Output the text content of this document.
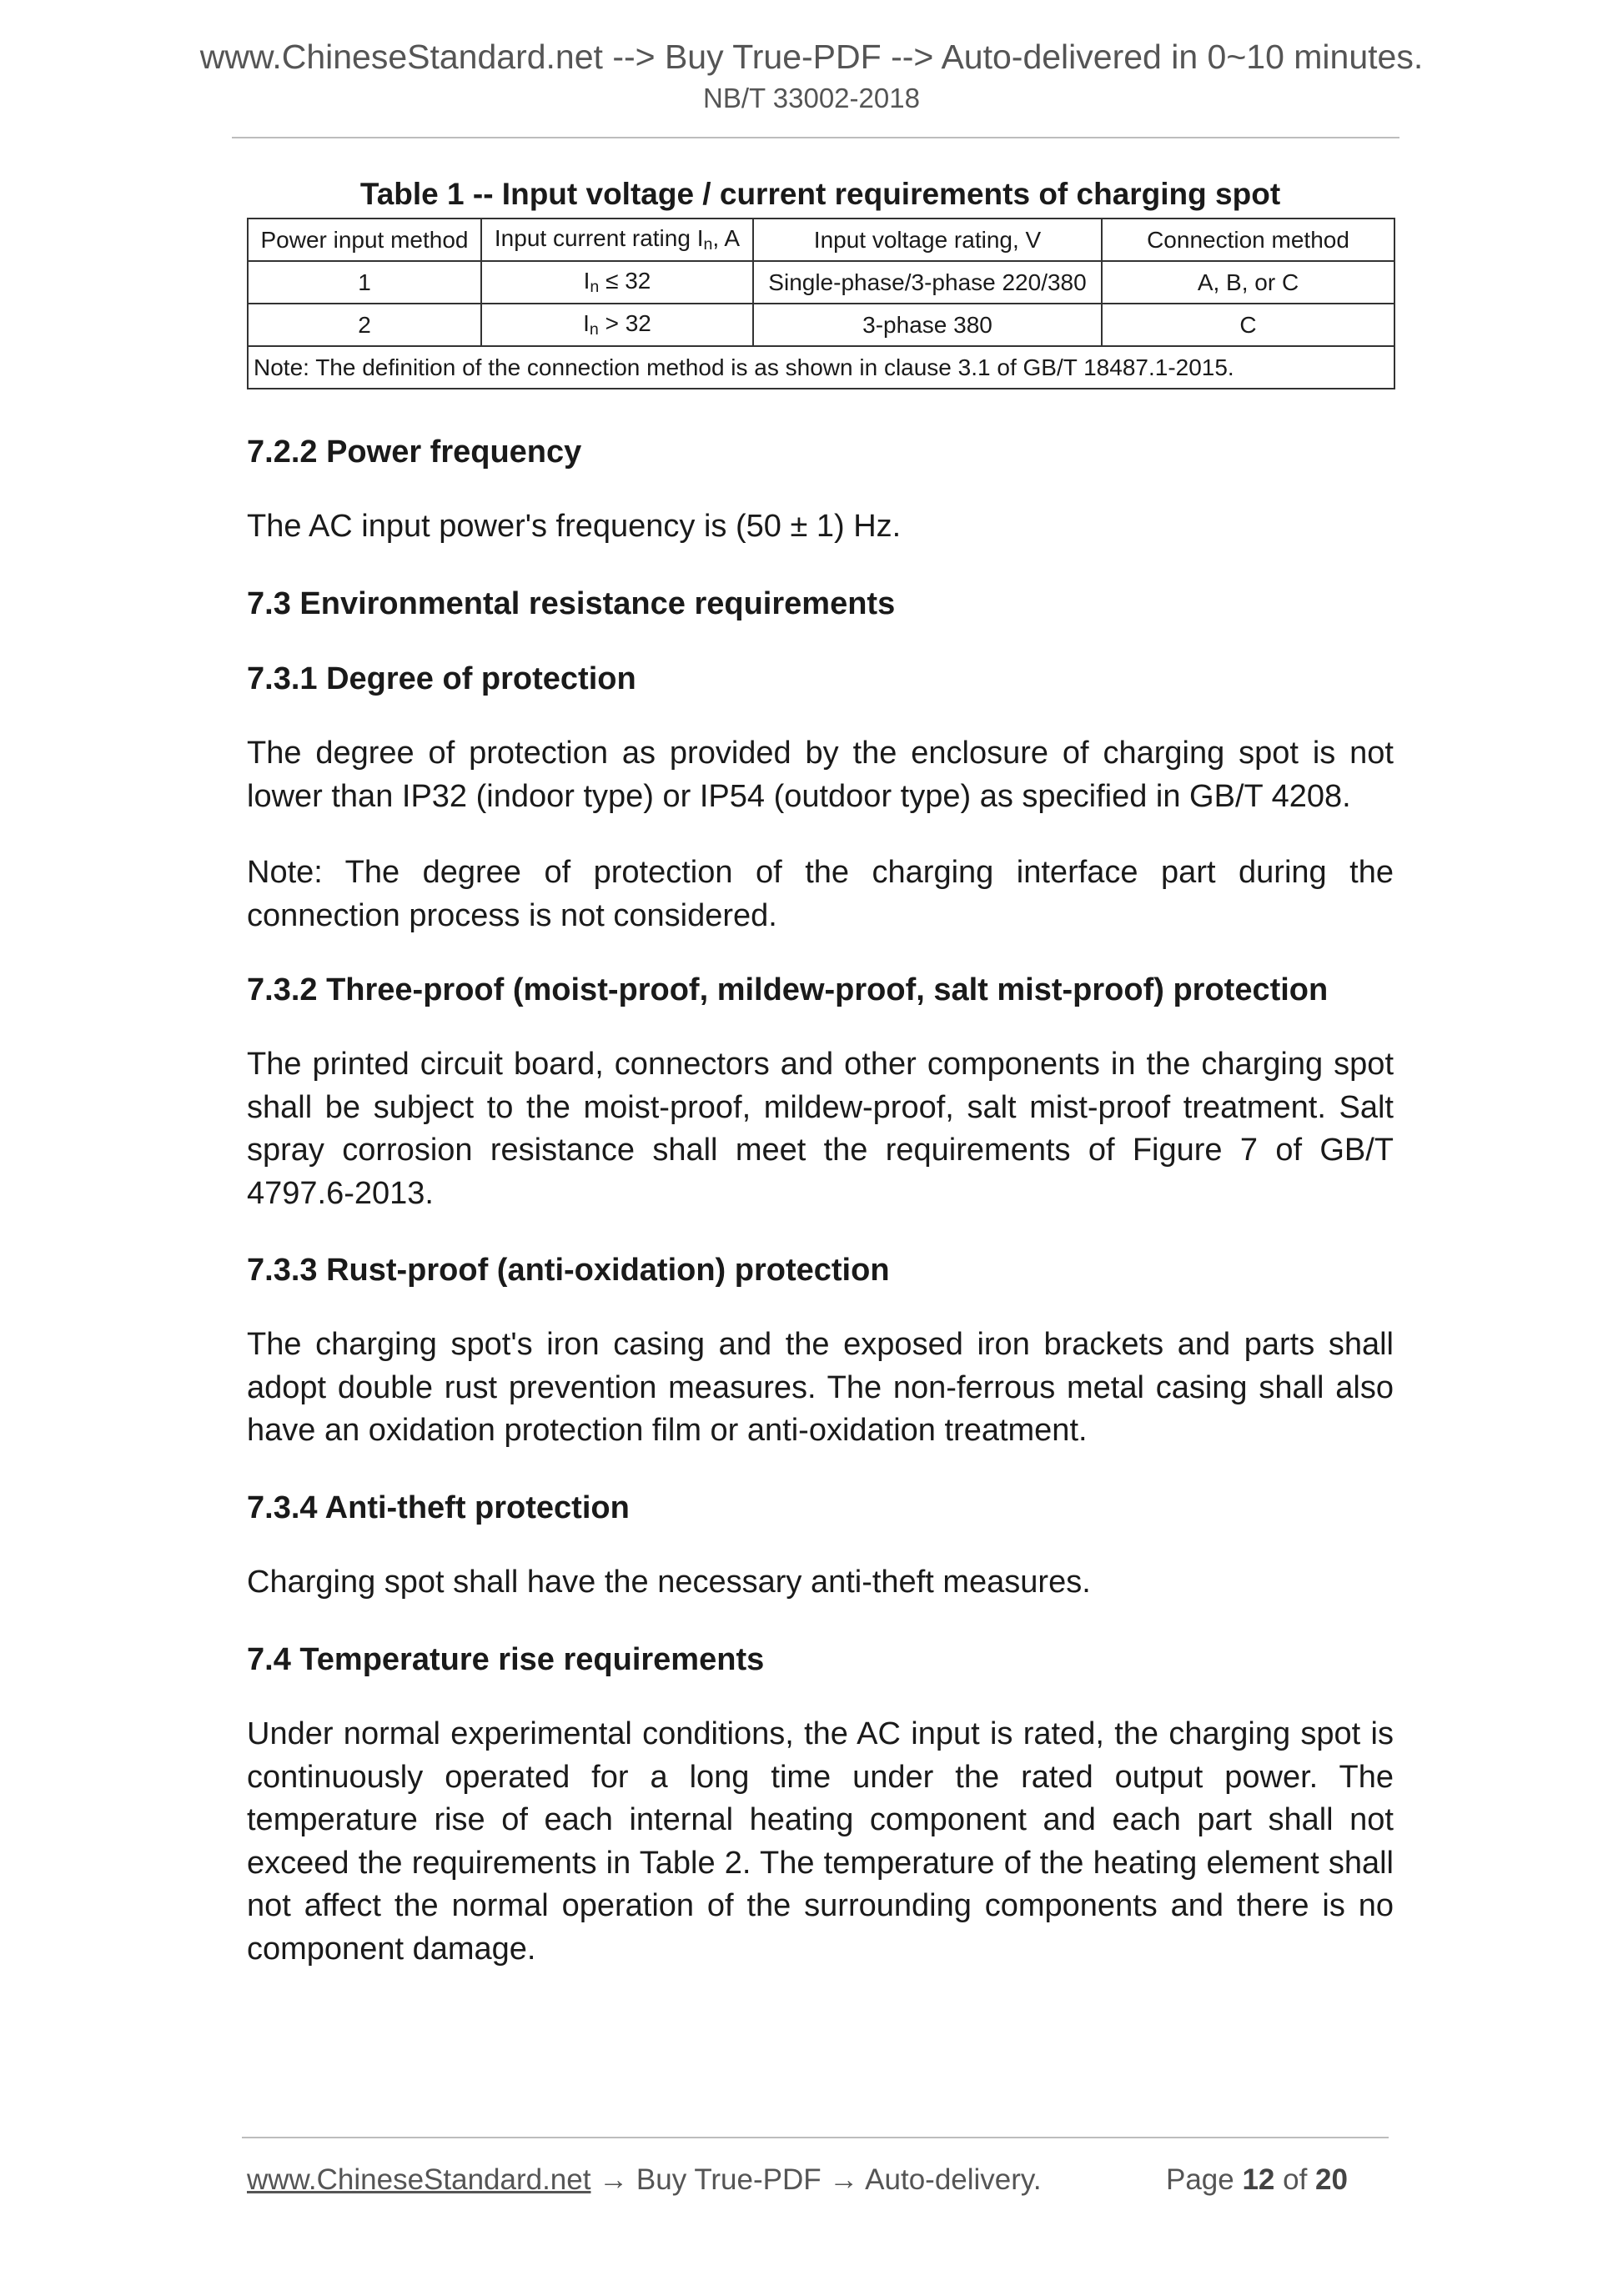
www.ChineseStandard.net --> Buy True-PDF --> Auto-delivered in 0~10 minutes.
NB/T 33002-2018
Table 1 -- Input voltage / current requirements of charging spot
Power input method	Input current rating In, A	Input voltage rating, V	Connection method
1	In ≤ 32	Single-phase/3-phase 220/380	A, B, or C
2	In > 32	3-phase 380	C
Note: The definition of the connection method is as shown in clause 3.1 of GB/T 18487.1-2015.			
7.2.2 Power frequency

The AC input power's frequency is (50 ± 1) Hz.

7.3 Environmental resistance requirements
7.3.1 Degree of protection

The degree of protection as provided by the enclosure of charging spot is not lower than IP32 (indoor type) or IP54 (outdoor type) as specified in GB/T 4208.

Note: The degree of protection of the charging interface part during the connection process is not considered.

7.3.2 Three-proof (moist-proof, mildew-proof, salt mist-proof) protection

The printed circuit board, connectors and other components in the charging spot shall be subject to the moist-proof, mildew-proof, salt mist-proof treatment. Salt spray corrosion resistance shall meet the requirements of Figure 7 of GB/T 4797.6-2013.

7.3.3 Rust-proof (anti-oxidation) protection

The charging spot's iron casing and the exposed iron brackets and parts shall adopt double rust prevention measures. The non-ferrous metal casing shall also have an oxidation protection film or anti-oxidation treatment.

7.3.4 Anti-theft protection

Charging spot shall have the necessary anti-theft measures.

7.4 Temperature rise requirements

Under normal experimental conditions, the AC input is rated, the charging spot is continuously operated for a long time under the rated output power. The temperature rise of each internal heating component and each part shall not exceed the requirements in Table 2. The temperature of the heating element shall not affect the normal operation of the surrounding components and there is no component damage.

www.ChineseStandard.net → Buy True-PDF → Auto-delivery.	Page 12 of 20
